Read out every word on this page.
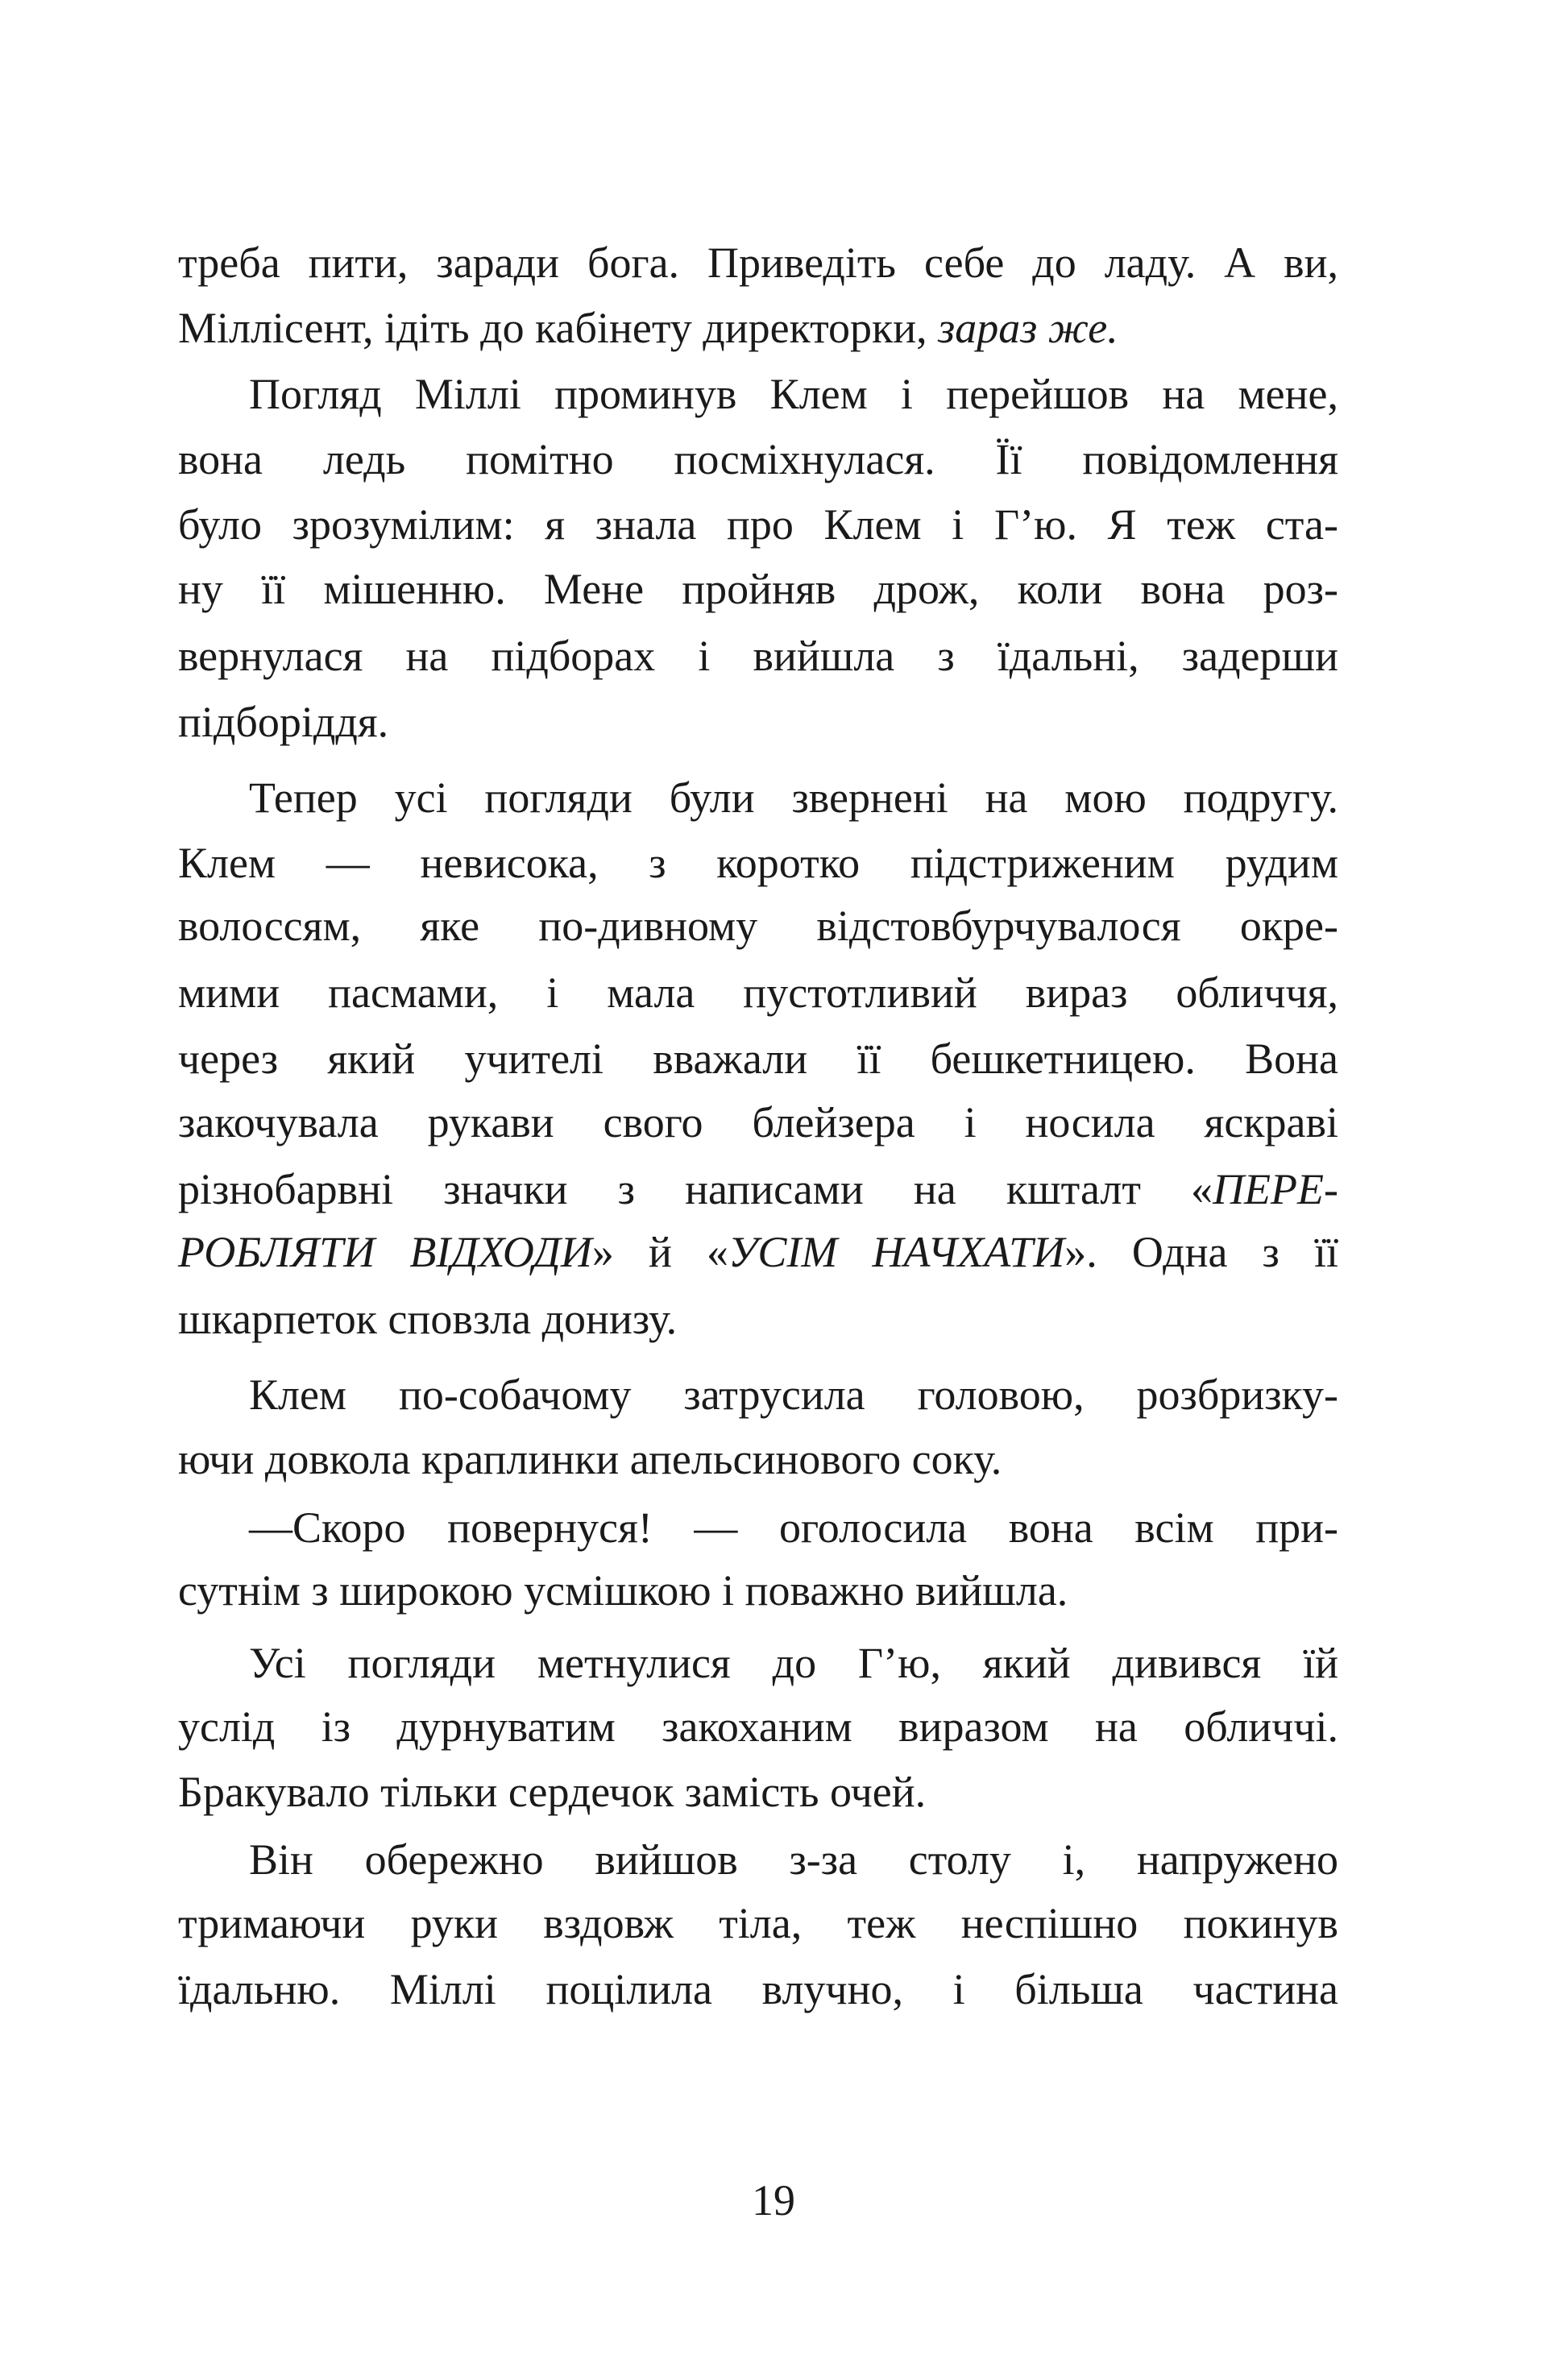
треба пити, заради бога. Приведіть себе до ладу. А ви,
Міллісент, ідіть до кабінету директорки, зараз же.
Погляд Міллі проминув Клем і перейшов на мене,
вона ледь помітно посміхнулася. Її повідомлення
було зрозумілим: я знала про Клем і Г’ю. Я теж ста-
ну її мішенню. Мене пройняв дрож, коли вона роз-
вернулася на підборах і вийшла з їдальні, задерши
підборіддя.
Тепер усі погляди були звернені на мою подругу.
Клем — невисока, з коротко підстриженим рудим
волоссям, яке по-дивному відстовбурчувалося окре-
мими пасмами, і мала пустотливий вираз обличчя,
через який учителі вважали її бешкетницею. Вона
закочувала рукави свого блейзера і носила яскраві
різнобарвні значки з написами на кшталт «ПЕРЕ-
РОБЛЯТИ ВІДХОДИ» й «УСІМ НАЧХАТИ». Одна з її
шкарпеток сповзла донизу.
Клем по-собачому затрусила головою, розбризку-
ючи довкола краплинки апельсинового соку.
—Скоро повернуся! — оголосила вона всім при-
сутнім з широкою усмішкою і поважно вийшла.
Усі погляди метнулися до Г’ю, який дивився їй
услід із дурнуватим закоханим виразом на обличчі.
Бракувало тільки сердечок замість очей.
Він обережно вийшов з-за столу і, напружено
тримаючи руки вздовж тіла, теж неспішно покинув
їдальню. Міллі поцілила влучно, і більша частина
19
